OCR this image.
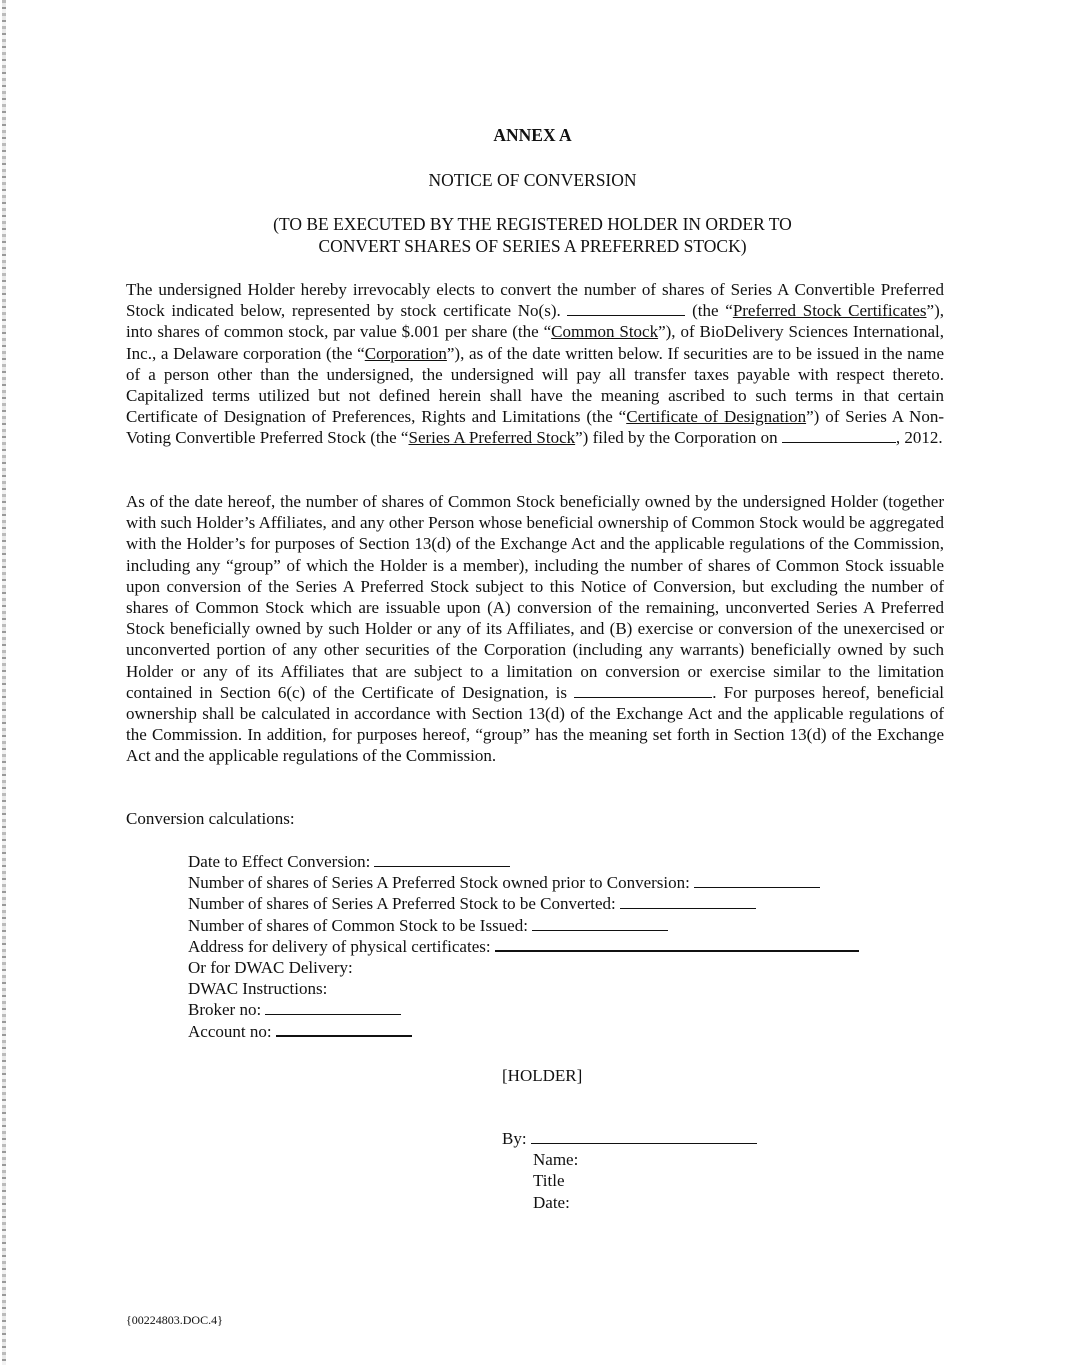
ANNEX A
NOTICE OF CONVERSION
(TO BE EXECUTED BY THE REGISTERED HOLDER IN ORDER TO
CONVERT SHARES OF SERIES A PREFERRED STOCK)

The undersigned Holder hereby irrevocably elects to convert the number of shares of Series A Convertible Preferred Stock indicated below, represented by stock certificate No(s).	(the “Preferred Stock Certificates”), into shares of common stock, par value $.001 per share (the “Common Stock”), of BioDelivery Sciences International, Inc., a Delaware corporation (the “Corporation”), as of the date written below. If securities are to be issued in the name of a person other than the undersigned, the undersigned will pay all transfer taxes payable with respect thereto. Capitalized terms utilized but not defined herein shall have the meaning ascribed to such terms in that certain Certificate of Designation of Preferences, Rights and Limitations (the “Certificate of Designation”) of Series A Non-Voting Convertible Preferred Stock (the “Series A Preferred Stock”) filed by the Corporation on	, 2012.

As of the date hereof, the number of shares of Common Stock beneficially owned by the undersigned Holder (together with such Holder’s Affiliates, and any other Person whose beneficial ownership of Common Stock would be aggregated with the Holder’s for purposes of Section 13(d) of the Exchange Act and the applicable regulations of the Commission, including any “group” of which the Holder is a member), including the number of shares of Common Stock issuable upon conversion of the Series A Preferred Stock subject to this Notice of Conversion, but excluding the number of shares of Common Stock which are issuable upon (A) conversion of the remaining, unconverted Series A Preferred Stock beneficially owned by such Holder or any of its Affiliates, and (B) exercise or conversion of the unexercised or unconverted portion of any other securities of the Corporation (including any warrants) beneficially owned by such Holder or any of its Affiliates that are subject to a limitation on conversion or exercise similar to the limitation contained in Section 6(c) of the Certificate of Designation, is	. For purposes hereof, beneficial ownership shall be calculated in accordance with Section 13(d) of the Exchange Act and the applicable regulations of the Commission. In addition, for purposes hereof, “group” has the meaning set forth in Section 13(d) of the Exchange Act and the applicable regulations of the Commission.

Conversion calculations:
Date to Effect Conversion:
Number of shares of Series A Preferred Stock owned prior to Conversion:
Number of shares of Series A Preferred Stock to be Converted:
Number of shares of Common Stock to be Issued:
Address for delivery of physical certificates:
Or for DWAC Delivery:
DWAC Instructions:
Broker no:
Account no:
[HOLDER]
By:
Name:
Title
Date:
{00224803.DOC.4}
